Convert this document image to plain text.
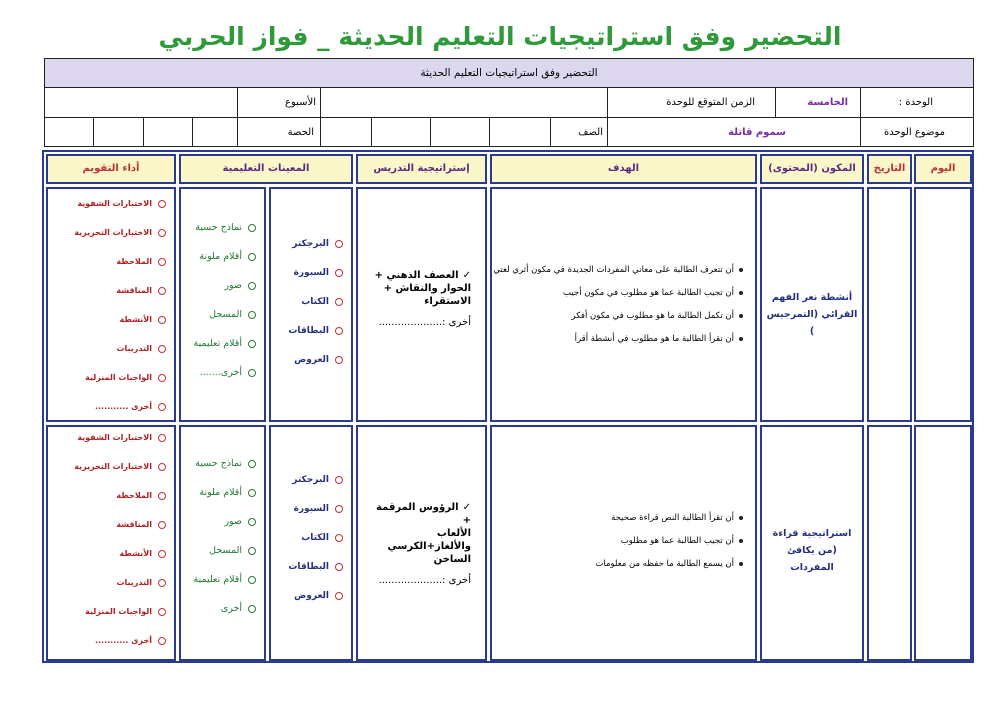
التحضير وفق استراتيجيات التعليم الحديثة _ فواز الحربي
التحضير وفق استراتيجيات التعليم الحديثة
الوحدة :
الخامسة
الزمن المتوقع للوحدة
الأسبوع
موضوع الوحدة
سموم قاتلة
الصف
الحصة
اليوم
التاريخ
المكون (المحتوى)
الهدف
إستراتيجية التدريس
المعينات التعليمية
أداء التقويم
أنشطة نعر الفهم القرائي (التمرجيس )
أن تتعرف الطالبة على معاني المفردات الجديدة في مكون أثري لغتي
أن تجيب الطالبة عما هو مطلوب في مكون أجيب
أن تكمل الطالبة ما هو مطلوب في مكون أفكر
أن تقرأ الطالبة ما هو مطلوب في أنشطة أقرأ
✓العصف الذهني +
الحوار والنقاش +
الاستقراء
أخرى :....................
البرجكتر
السبورة
الكتاب
البطاقات
العروض
نماذج حسية
أقلام ملونة
صور
المسجل
أقلام تعليمية
أخرى.......
الاختبارات الشفوية
الاختبارات التحريرية
الملاحظة
المناقشة
الأنشطة
التدريبات
الواجبات المنزلية
أخرى ...........
استراتيجية قراءة (من يكافئ المفردات
أن تقرأ الطالبة النص قراءة صحيحة
أن تجيب الطالبة عما هو مطلوب
أن يسمع الطالبة ما حفظه من معلومات
✓الرؤوس المرقمة +
الألعاب
والألغاز+الكرسي
الساخن
أخرى :....................
البرجكتر
السبورة
الكتاب
البطاقات
العروض
نماذج حسية
أقلام ملونة
صور
المسجل
أقلام تعليمية
أخرى
الاختبارات الشفوية
الاختبارات التحريرية
الملاحظة
المناقشة
الأنشطة
التدريبات
الواجبات المنزلية
أخرى ...........
